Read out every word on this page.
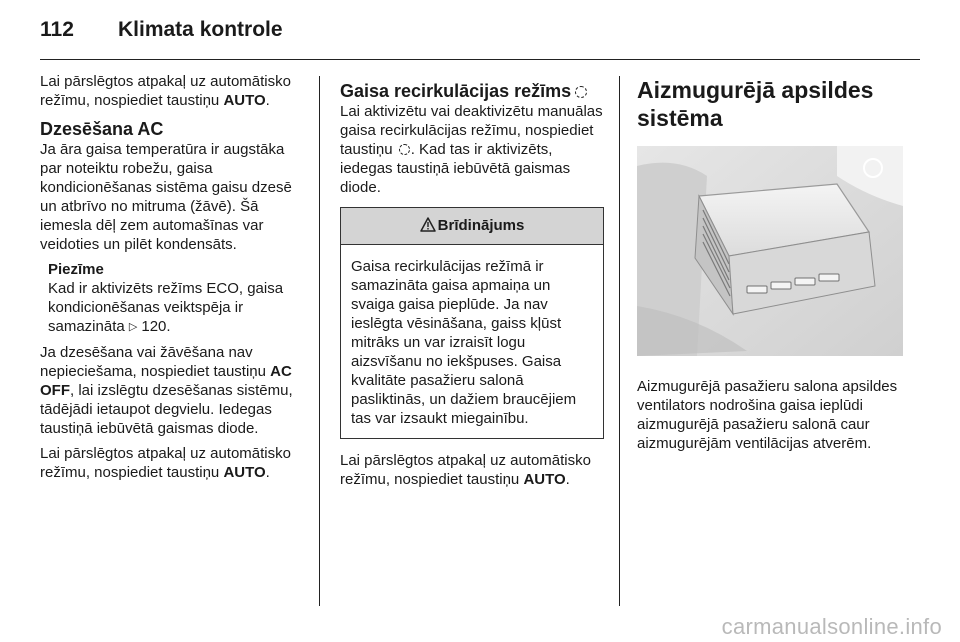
112 Klimata kontrole

Lai pārslēgtos atpakaļ uz automātisko režīmu, nospiediet taustiņu AUTO.

Dzesēšana AC

Ja āra gaisa temperatūra ir augstāka par noteiktu robežu, gaisa kondicionēšanas sistēma gaisu dzesē un atbrīvo no mitruma (žāvē). Šā iemesla dēļ zem automašīnas var veidoties un pilēt kondensāts.

Piezīme

Kad ir aktivizēts režīms ECO, gaisa kondicionēšanas veiktspēja ir samazināta ▷ 120.

Ja dzesēšana vai žāvēšana nav nepieciešama, nospiediet taustiņu AC OFF, lai izslēgtu dzesēšanas sistēmu, tādējādi ietaupot degvielu. Iedegas taustiņā iebūvētā gaismas diode.

Lai pārslēgtos atpakaļ uz automātisko režīmu, nospiediet taustiņu AUTO.

Gaisa recirkulācijas režīms

Lai aktivizētu vai deaktivizētu manuālas gaisa recirkulācijas režīmu, nospiediet taustiņu . Kad tas ir aktivizēts, iedegas taustiņā iebūvētā gaismas diode.

Brīdinājums

Gaisa recirkulācijas režīmā ir samazināta gaisa apmaiņa un svaiga gaisa pieplūde. Ja nav ieslēgta vēsināšana, gaiss kļūst mitrāks un var izraisīt logu aizsvīšanu no iekšpuses. Gaisa kvalitāte pasažieru salonā pasliktinās, un dažiem braucējiem tas var izsaukt miegainību.

Lai pārslēgtos atpakaļ uz automātisko režīmu, nospiediet taustiņu AUTO.

Aizmugurējā apsildes sistēma

Aizmugurējā pasažieru salona apsildes ventilators nodrošina gaisa ieplūdi aizmugurējā pasažieru salonā caur aizmugurējām ventilācijas atverēm.

carmanualsonline.info
